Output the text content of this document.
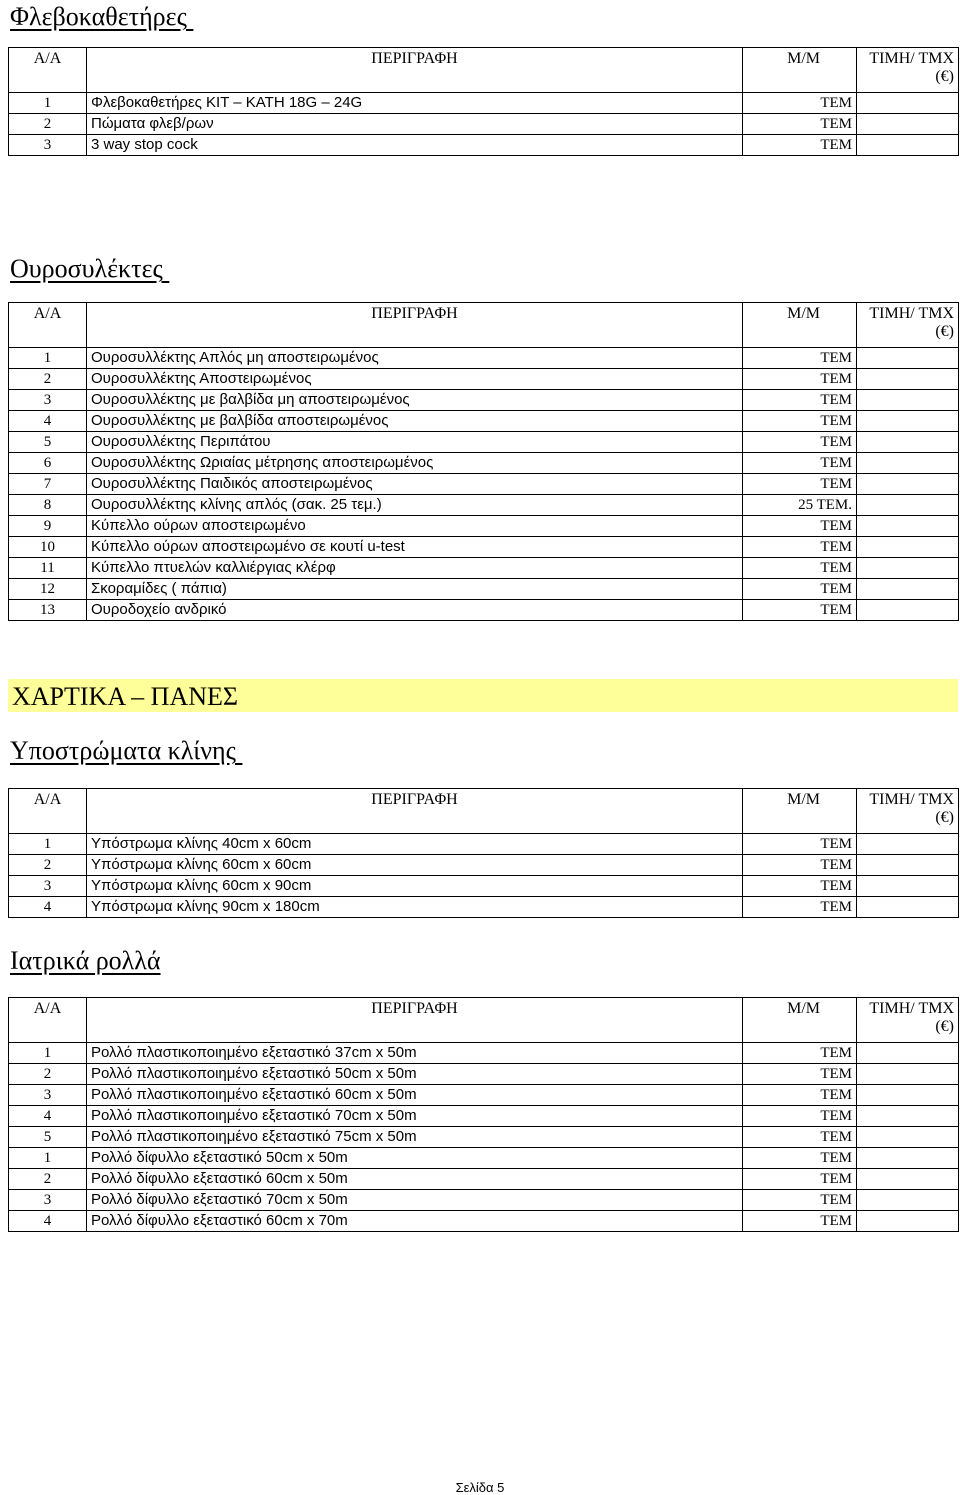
Φλεβοκαθετήρες
Α/Α	ΠΕΡΙΓΡΑΦΗ	Μ/Μ	ΤΙΜΗ/ ΤΜΧ (€)
1	Φλεβοκαθετήρες KIT – KATH 18G – 24G	ΤΕΜ	
2	Πώματα φλεβ/ρων	ΤΕΜ	
3	3 way stop cock	ΤΕΜ	
Ουροσυλέκτες
Α/Α	ΠΕΡΙΓΡΑΦΗ	Μ/Μ	ΤΙΜΗ/ ΤΜΧ (€)
1	Ουροσυλλέκτης Απλός μη αποστειρωμένος	ΤΕΜ	
2	Ουροσυλλέκτης Αποστειρωμένος	ΤΕΜ	
3	Ουροσυλλέκτης με βαλβίδα μη αποστειρωμένος	ΤΕΜ	
4	Ουροσυλλέκτης με βαλβίδα αποστειρωμένος	ΤΕΜ	
5	Ουροσυλλέκτης Περιπάτου	ΤΕΜ	
6	Ουροσυλλέκτης Ωριαίας μέτρησης αποστειρωμένος	ΤΕΜ	
7	Ουροσυλλέκτης Παιδικός αποστειρωμένος	ΤΕΜ	
8	Ουροσυλλέκτης κλίνης απλός (σακ. 25 τεμ.)	25 ΤΕΜ.	
9	Κύπελλο ούρων αποστειρωμένο	ΤΕΜ	
10	Κύπελλο ούρων αποστειρωμένο σε κουτί u-test	ΤΕΜ	
11	Κύπελλο πτυελών καλλιέργιας κλέρφ	ΤΕΜ	
12	Σκοραμίδες ( πάπια)	ΤΕΜ	
13	Ουροδοχείο ανδρικό	ΤΕΜ	
ΧΑΡΤΙΚΑ – ΠΑΝΕΣ
Υποστρώματα κλίνης
Α/Α	ΠΕΡΙΓΡΑΦΗ	Μ/Μ	ΤΙΜΗ/ ΤΜΧ (€)
1	Υπόστρωμα κλίνης 40cm x 60cm	ΤΕΜ	
2	Υπόστρωμα κλίνης 60cm x 60cm	ΤΕΜ	
3	Υπόστρωμα κλίνης 60cm x 90cm	ΤΕΜ	
4	Υπόστρωμα κλίνης 90cm x 180cm	ΤΕΜ	
Ιατρικά ρολλά
Α/Α	ΠΕΡΙΓΡΑΦΗ	Μ/Μ	ΤΙΜΗ/ ΤΜΧ (€)
1	Ρολλό πλαστικοποιημένο εξεταστικό 37cm x 50m	ΤΕΜ	
2	Ρολλό πλαστικοποιημένο εξεταστικό 50cm x 50m	ΤΕΜ	
3	Ρολλό πλαστικοποιημένο εξεταστικό 60cm x 50m	ΤΕΜ	
4	Ρολλό πλαστικοποιημένο εξεταστικό 70cm x 50m	ΤΕΜ	
5	Ρολλό πλαστικοποιημένο εξεταστικό 75cm x 50m	ΤΕΜ	
1	Ρολλό δίφυλλο εξεταστικό 50cm x 50m	ΤΕΜ	
2	Ρολλό δίφυλλο εξεταστικό 60cm x 50m	ΤΕΜ	
3	Ρολλό δίφυλλο εξεταστικό 70cm x 50m	ΤΕΜ	
4	Ρολλό δίφυλλο εξεταστικό 60cm x 70m	ΤΕΜ	
Σελίδα 5
